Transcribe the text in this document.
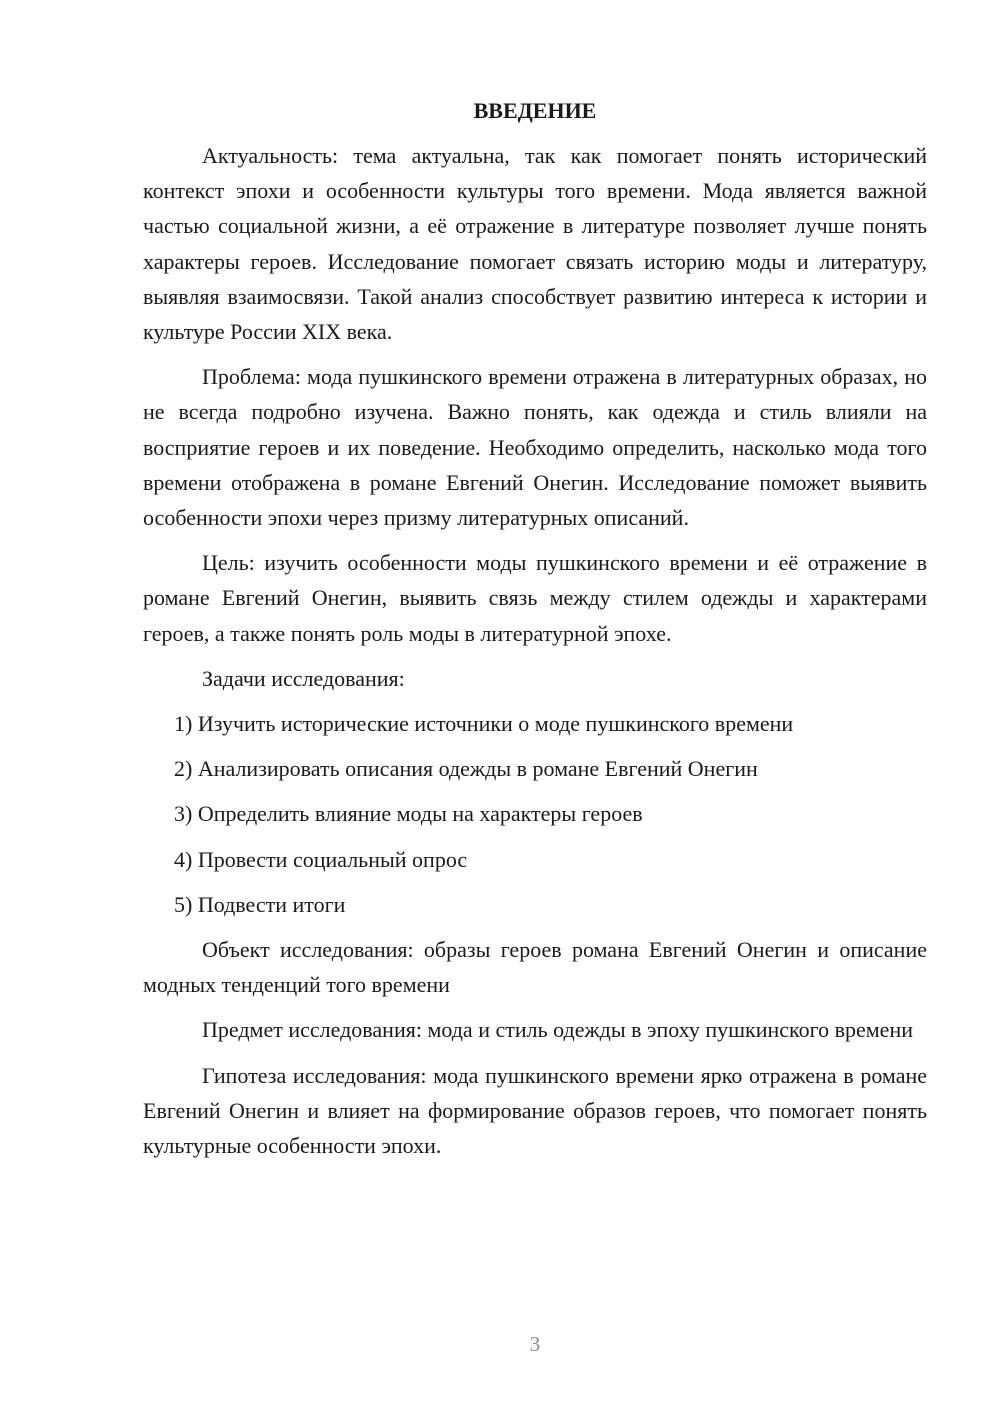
ВВЕДЕНИЕ

Актуальность: тема актуальна, так как помогает понять исторический контекст эпохи и особенности культуры того времени. Мода является важной частью социальной жизни, а её отражение в литературе позволяет лучше понять характеры героев. Исследование помогает связать историю моды и литературу, выявляя взаимосвязи. Такой анализ способствует развитию интереса к истории и культуре России XIX века.

Проблема: мода пушкинского времени отражена в литературных образах, но не всегда подробно изучена. Важно понять, как одежда и стиль влияли на восприятие героев и их поведение. Необходимо определить, насколько мода того времени отображена в романе Евгений Онегин. Исследование поможет выявить особенности эпохи через призму литературных описаний.

Цель: изучить особенности моды пушкинского времени и её отражение в романе Евгений Онегин, выявить связь между стилем одежды и характерами героев, а также понять роль моды в литературной эпохе.

Задачи исследования:

1) Изучить исторические источники о моде пушкинского времени
2) Анализировать описания одежды в романе Евгений Онегин
3) Определить влияние моды на характеры героев
4) Провести социальный опрос
5) Подвести итоги

Объект исследования: образы героев романа Евгений Онегин и описание модных тенденций того времени

Предмет исследования: мода и стиль одежды в эпоху пушкинского времени

Гипотеза исследования: мода пушкинского времени ярко отражена в романе Евгений Онегин и влияет на формирование образов героев, что помогает понять культурные особенности эпохи.

3
